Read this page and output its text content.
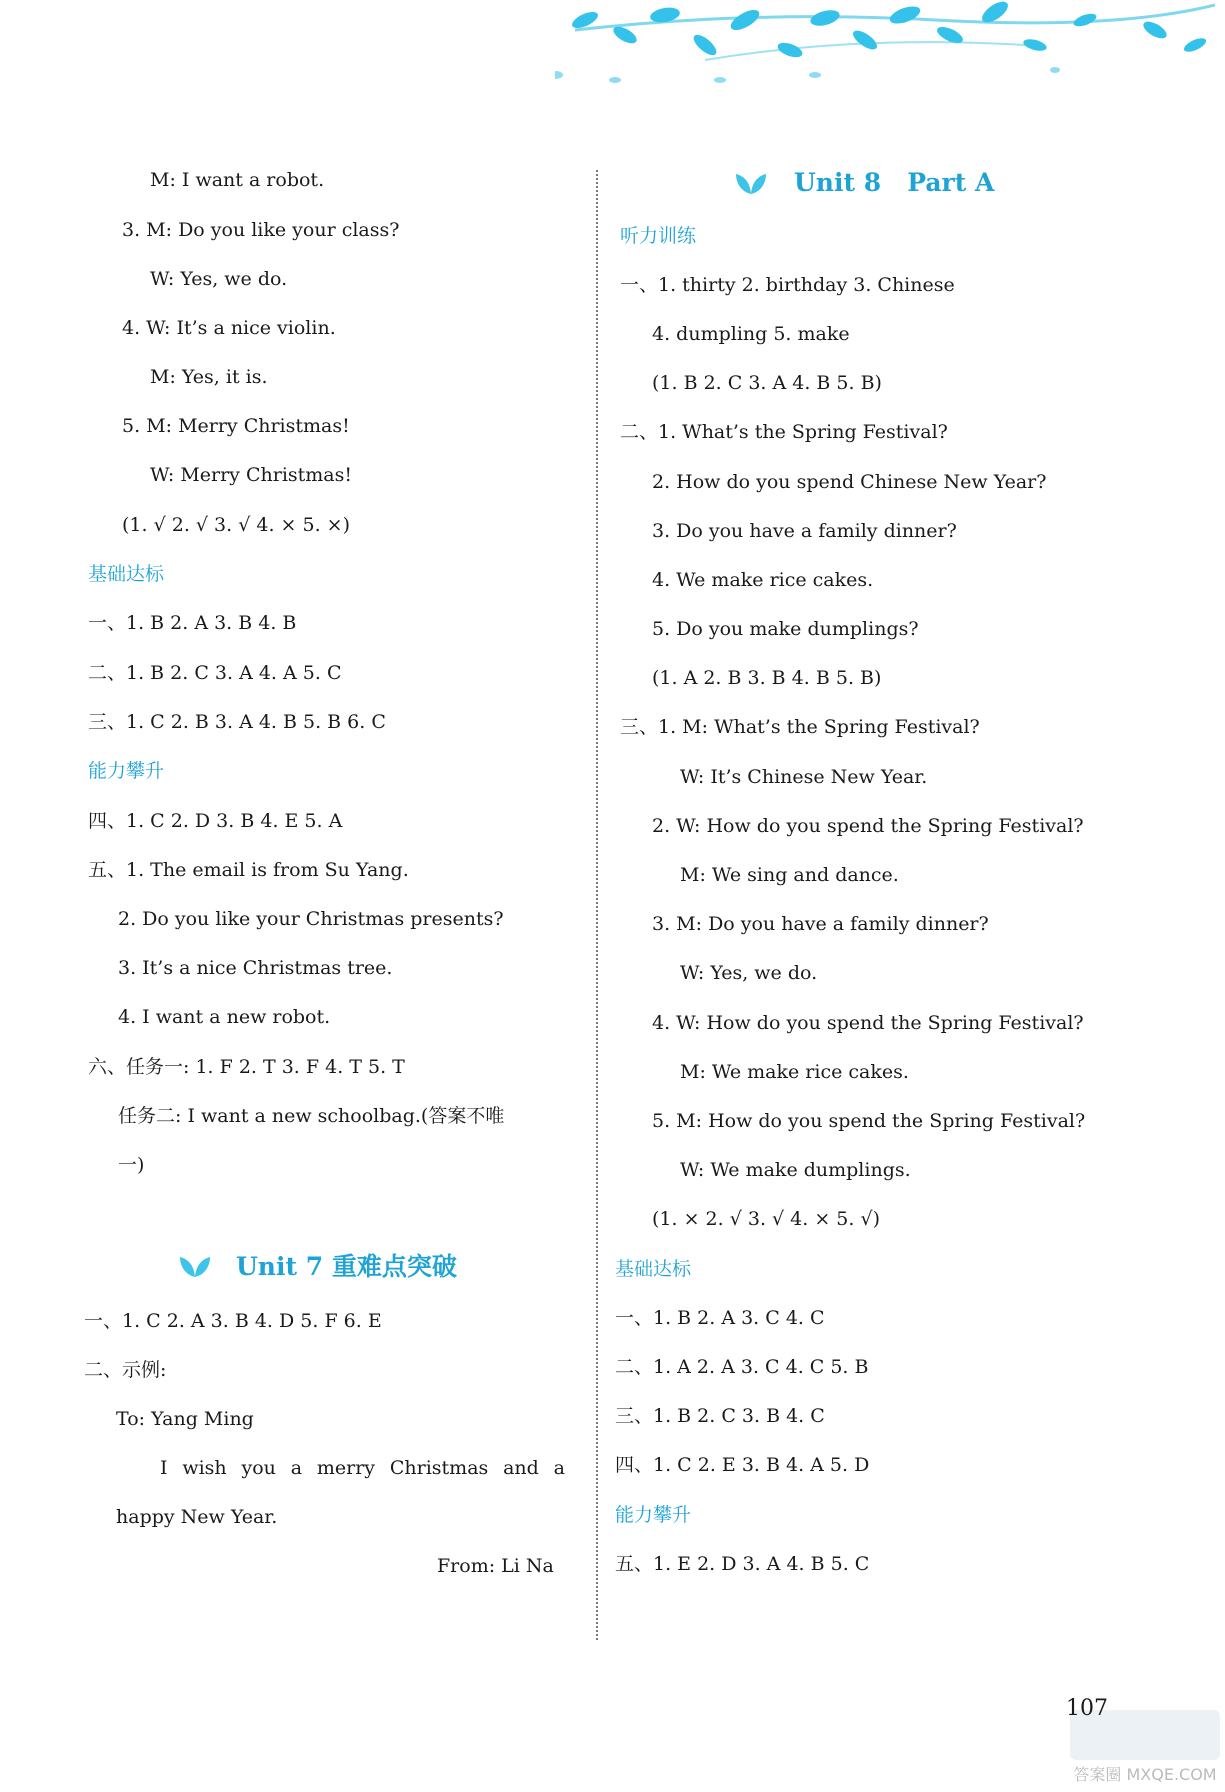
M: I want a robot.
3. M: Do you like your class?
W: Yes, we do.
4. W: It’s a nice violin.
M: Yes, it is.
5. M: Merry Christmas!
W: Merry Christmas!
(1. √ 2. √ 3. √ 4. × 5. ×)
基础达标
一、1. B 2. A 3. B 4. B
二、1. B 2. C 3. A 4. A 5. C
三、1. C 2. B 3. A 4. B 5. B 6. C
能力攀升
四、1. C 2. D 3. B 4. E 5. A
五、1. The email is from Su Yang.
2. Do you like your Christmas presents?
3. It’s a nice Christmas tree.
4. I want a new robot.
六、任务一: 1. F 2. T 3. F 4. T 5. T
任务二: I want a new schoolbag.(答案不唯
一)
Unit 7 重难点突破
一、1. C 2. A 3. B 4. D 5. F 6. E
二、示例:
To: Yang Ming
I wish you a merry Christmas and a
happy New Year.
From: Li Na
Unit 8   Part A
听力训练
一、1. thirty 2. birthday 3. Chinese
4. dumpling 5. make
(1. B 2. C 3. A 4. B 5. B)
二、1. What’s the Spring Festival?
2. How do you spend Chinese New Year?
3. Do you have a family dinner?
4. We make rice cakes.
5. Do you make dumplings?
(1. A 2. B 3. B 4. B 5. B)
三、1. M: What’s the Spring Festival?
W: It’s Chinese New Year.
2. W: How do you spend the Spring Festival?
M: We sing and dance.
3. M: Do you have a family dinner?
W: Yes, we do.
4. W: How do you spend the Spring Festival?
M: We make rice cakes.
5. M: How do you spend the Spring Festival?
W: We make dumplings.
(1. × 2. √ 3. √ 4. × 5. √)
基础达标
一、1. B 2. A 3. C 4. C
二、1. A 2. A 3. C 4. C 5. B
三、1. B 2. C 3. B 4. C
四、1. C 2. E 3. B 4. A 5. D
能力攀升
五、1. E 2. D 3. A 4. B 5. C
答案圈 MXQE.COM
107
